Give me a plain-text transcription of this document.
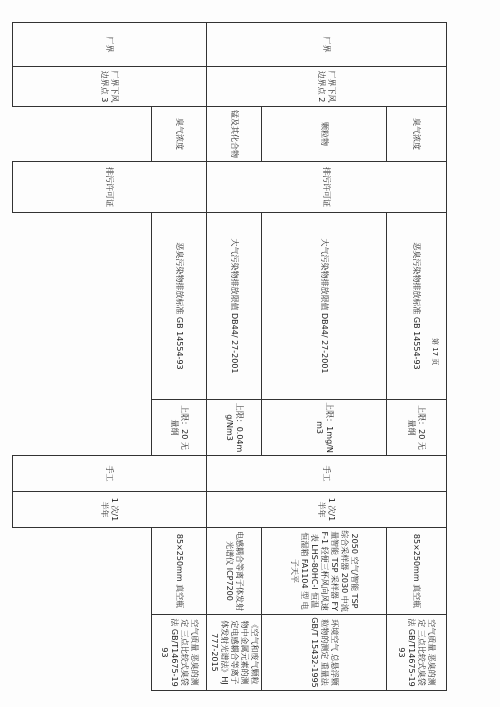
厂界	厂界下风边界点 2	臭气浓度	排污许可证	恶臭污染物排放标准 GB 14554-93	上限：20 无量纲	手工	1 次/1 半年	85×250mm 真空瓶	空气质量 恶臭的测定 三点比较式臭袋法 GB/T14675-1993
		颗粒物		大气污染物排放限值 DB44/ 27-2001	上限：1mg/Nm3			2050 空气/智能 TSP 综合采样器 2030 中流量智能 TSP 采样器 FYF-1 轻便三杯风向风速表 LHS-80HC-I 恒温恒湿箱 FA1104 型 电子天平	环境空气 总悬浮颗粒物的测定 重量法 GB/T 15432-1995
		锰及其化合物		大气污染物排放限值 DB44/ 27-2001	上限：0.04mg/Nm3			电感耦合等离子体发射光谱仪 ICP7200	《空气和废气颗粒物中金属元素的测定电感耦合等离子体发射光谱法》HJ 777-2015
厂界	厂界下风边界点 3	臭气浓度	排污许可证	恶臭污染物排放标准 GB 14554-93	上限：20 无量纲	手工	1 次/1 半年	85×250mm 真空瓶	空气质量 恶臭的测定 三点比较式臭袋法 GB/T14675-1993

第 17 页
